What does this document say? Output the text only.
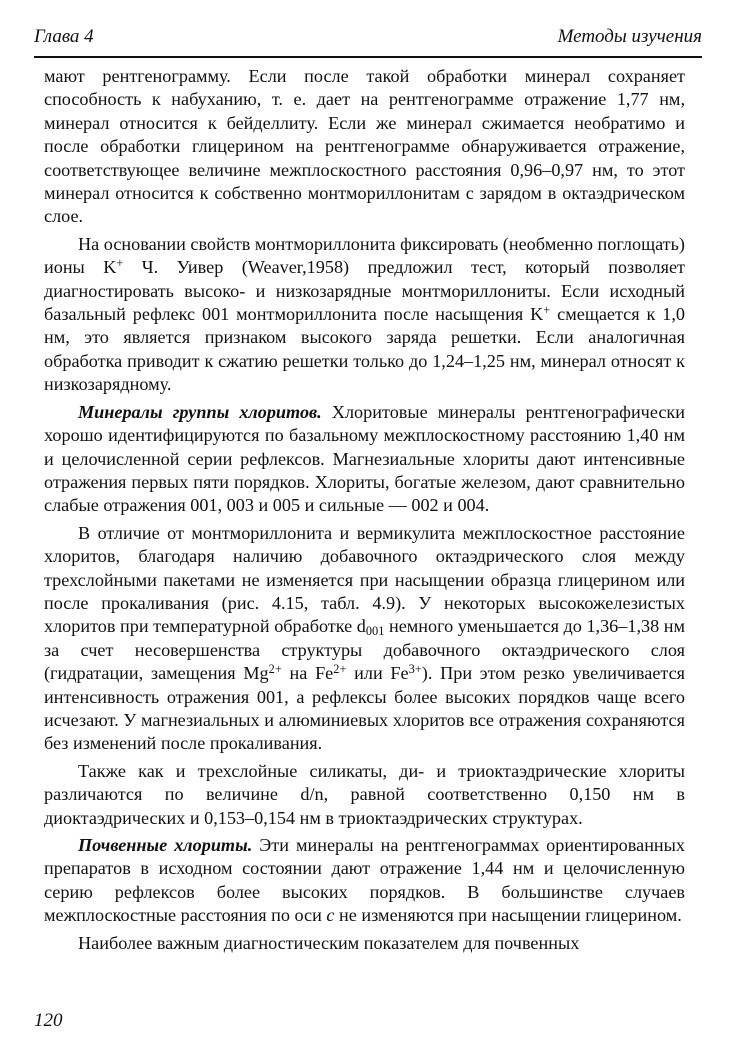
Глава 4	Методы изучения

мают рентгенограмму. Если после такой обработки минерал сохраняет способность к набуханию, т. е. дает на рентгенограмме отражение 1,77 нм, минерал относится к бейделлиту. Если же минерал сжимается необратимо и после обработки глицерином на рентгенограмме обнаруживается отражение, соответствующее величине межплоскостного расстояния 0,96–0,97 нм, то этот минерал относится к собственно монтмориллонитам с зарядом в октаэдрическом слое.

На основании свойств монтмориллонита фиксировать (необменно поглощать) ионы K+ Ч. Уивер (Weaver,1958) предложил тест, который позволяет диагностировать высоко- и низкозарядные монтмориллониты. Если исходный базальный рефлекс 001 монтмориллонита после насыщения K+ смещается к 1,0 нм, это является признаком высокого заряда решетки. Если аналогичная обработка приводит к сжатию решетки только до 1,24–1,25 нм, минерал относят к низкозарядному.

Минералы группы хлоритов. Хлоритовые минералы рентгенографически хорошо идентифицируются по базальному межплоскостному расстоянию 1,40 нм и целочисленной серии рефлексов. Магнезиальные хлориты дают интенсивные отражения первых пяти порядков. Хлориты, богатые железом, дают сравнительно слабые отражения 001, 003 и 005 и сильные — 002 и 004.

В отличие от монтмориллонита и вермикулита межплоскостное расстояние хлоритов, благодаря наличию добавочного октаэдрического слоя между трехслойными пакетами не изменяется при насыщении образца глицерином или после прокаливания (рис. 4.15, табл. 4.9). У некоторых высокожелезистых хлоритов при температурной обработке $d_{001}$ немного уменьшается до 1,36–1,38 нм за счет несовершенства структуры добавочного октаэдрического слоя (гидратации, замещения $Mg^{2+}$ на $Fe^{2+}$ или $Fe^{3+}$). При этом резко увеличивается интенсивность отражения 001, а рефлексы более высоких порядков чаще всего исчезают. У магнезиальных и алюминиевых хлоритов все отражения сохраняются без изменений после прокаливания.

Также как и трехслойные силикаты, ди- и триоктаэдрические хлориты различаются по величине d/n, равной соответственно 0,150 нм в диоктаэдрических и 0,153–0,154 нм в триоктаэдрических структурах.

Почвенные хлориты. Эти минералы на рентгенограммах ориентированных препаратов в исходном состоянии дают отражение 1,44 нм и целочисленную серию рефлексов более высоких порядков. В большинстве случаев межплоскостные расстояния по оси c не изменяются при насыщении глицерином.

Наиболее важным диагностическим показателем для почвенных

120
